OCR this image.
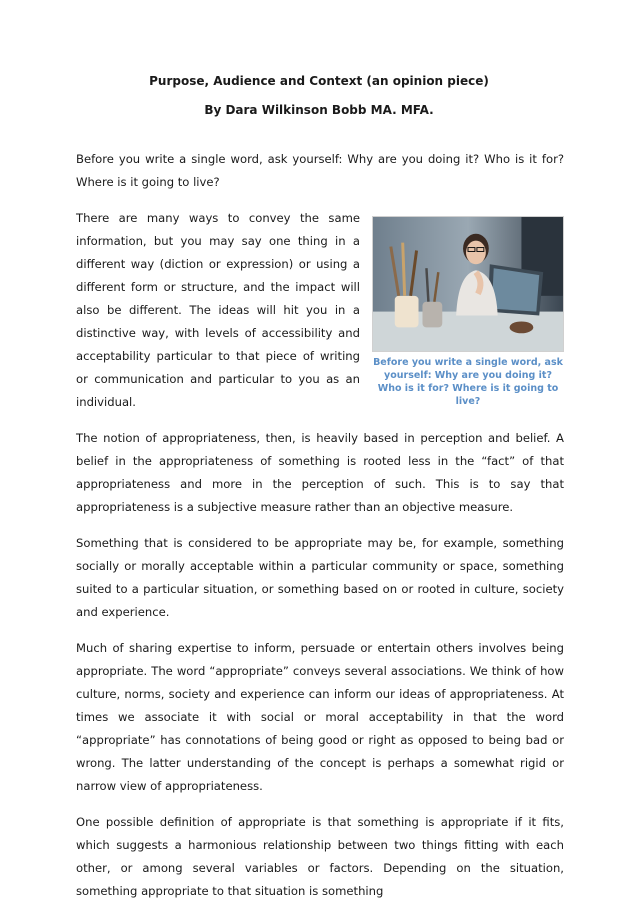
Purpose, Audience and Context (an opinion piece)
By Dara Wilkinson Bobb MA. MFA.

Before you write a single word, ask yourself: Why are you doing it? Who is it for? Where is it going to live?

Before you write a single word, ask yourself: Why are you doing it? Who is it for? Where is it going to live?

There are many ways to convey the same information, but you may say one thing in a different way (diction or expression) or using a different form or structure, and the impact will also be different. The ideas will hit you in a distinctive way, with levels of accessibility and acceptability particular to that piece of writing or communication and particular to you as an individual.

The notion of appropriateness, then, is heavily based in perception and belief. A belief in the appropriateness of something is rooted less in the “fact” of that appropriateness and more in the perception of such. This is to say that appropriateness is a subjective measure rather than an objective measure.

Something that is considered to be appropriate may be, for example, something socially or morally acceptable within a particular community or space, something suited to a particular situation, or something based on or rooted in culture, society and experience.

Much of sharing expertise to inform, persuade or entertain others involves being appropriate. The word “appropriate” conveys several associations. We think of how culture, norms, society and experience can inform our ideas of appropriateness. At times we associate it with social or moral acceptability in that the word “appropriate” has connotations of being good or right as opposed to being bad or wrong. The latter understanding of the concept is perhaps a somewhat rigid or narrow view of appropriateness.

One possible definition of appropriate is that something is appropriate if it fits, which suggests a harmonious relationship between two things fitting with each other, or among several variables or factors. Depending on the situation, something appropriate to that situation is something
